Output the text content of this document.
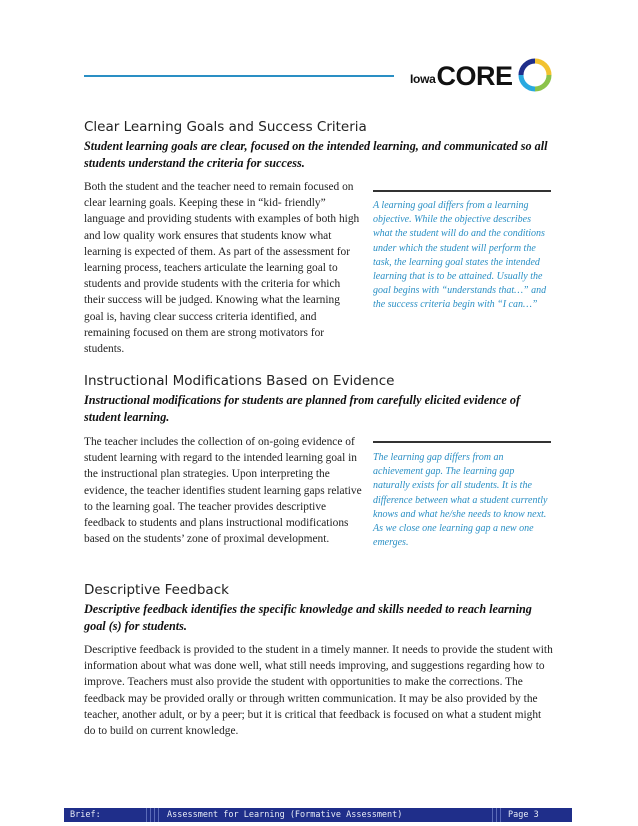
Iowa CORE
Clear Learning Goals and Success Criteria
Student learning goals are clear, focused on the intended learning, and communicated so all students understand the criteria for success.
Both the student and the teacher need to remain focused on clear learning goals. Keeping these in “kid- friendly” language and providing students with examples of both high and low quality work ensures that students know what learning is expected of them. As part of the assessment for learning process, teachers articulate the learning goal to students and provide students with the criteria for which their success will be judged. Knowing what the learning goal is, having clear success criteria identified, and remaining focused on them are strong motivators for students.
A learning goal differs from a learning objective. While the objective describes what the student will do and the conditions under which the student will perform the task, the learning goal states the intended learning that is to be attained. Usually the goal begins with “understands that…” and the success criteria begin with “I can…”
Instructional Modifications Based on Evidence
Instructional modifications for students are planned from carefully elicited evidence of student learning.
The teacher includes the collection of on-going evidence of student learning with regard to the intended learning goal in the instructional plan strategies. Upon interpreting the evidence, the teacher identifies student learning gaps relative to the learning goal. The teacher provides descriptive feedback to students and plans instructional modifications based on the students’ zone of proximal development.
The learning gap differs from an achievement gap. The learning gap naturally exists for all students. It is the difference between what a student currently knows and what he/she needs to know next. As we close one learning gap a new one emerges.
Descriptive Feedback
Descriptive feedback identifies the specific knowledge and skills needed to reach learning goal (s) for students.
Descriptive feedback is provided to the student in a timely manner. It needs to provide the student with information about what was done well, what still needs improving, and suggestions regarding how to improve. Teachers must also provide the student with opportunities to make the corrections. The feedback may be provided orally or through written communication. It may be also provided by the teacher, another adult, or by a peer; but it is critical that feedback is focused on what a student might do to build on current knowledge.
Brief:	Assessment for Learning (Formative Assessment)	Page 3
